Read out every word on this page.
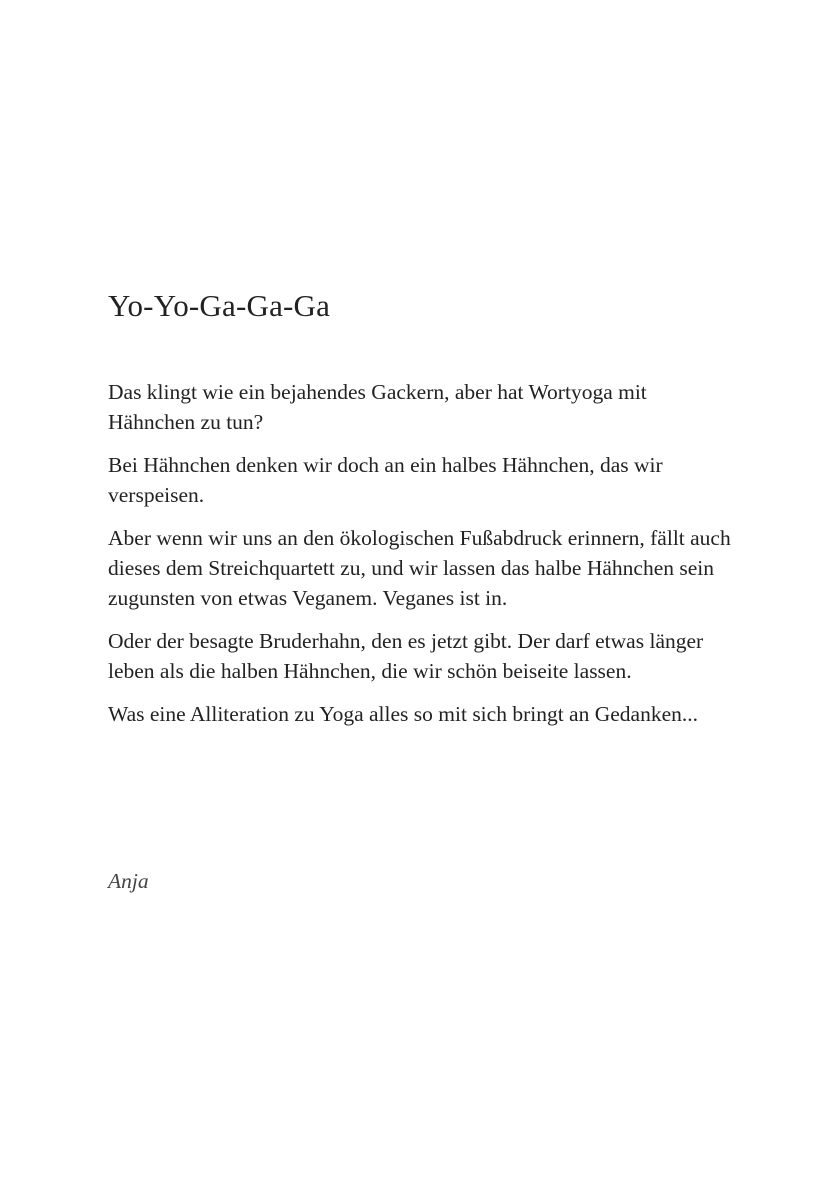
Yo-Yo-Ga-Ga-Ga

Das klingt wie ein bejahendes Gackern, aber hat Wortyoga mit Hähnchen zu tun?

Bei Hähnchen denken wir doch an ein halbes Hähnchen, das wir verspeisen.

Aber wenn wir uns an den ökologischen Fußabdruck erinnern, fällt auch dieses dem Streichquartett zu, und wir lassen das halbe Hähnchen sein zugunsten von etwas Veganem. Veganes ist in.

Oder der besagte Bruderhahn, den es jetzt gibt. Der darf etwas länger leben als die halben Hähnchen, die wir schön beiseite lassen.

Was eine Alliteration zu Yoga alles so mit sich bringt an Gedanken...

Anja
